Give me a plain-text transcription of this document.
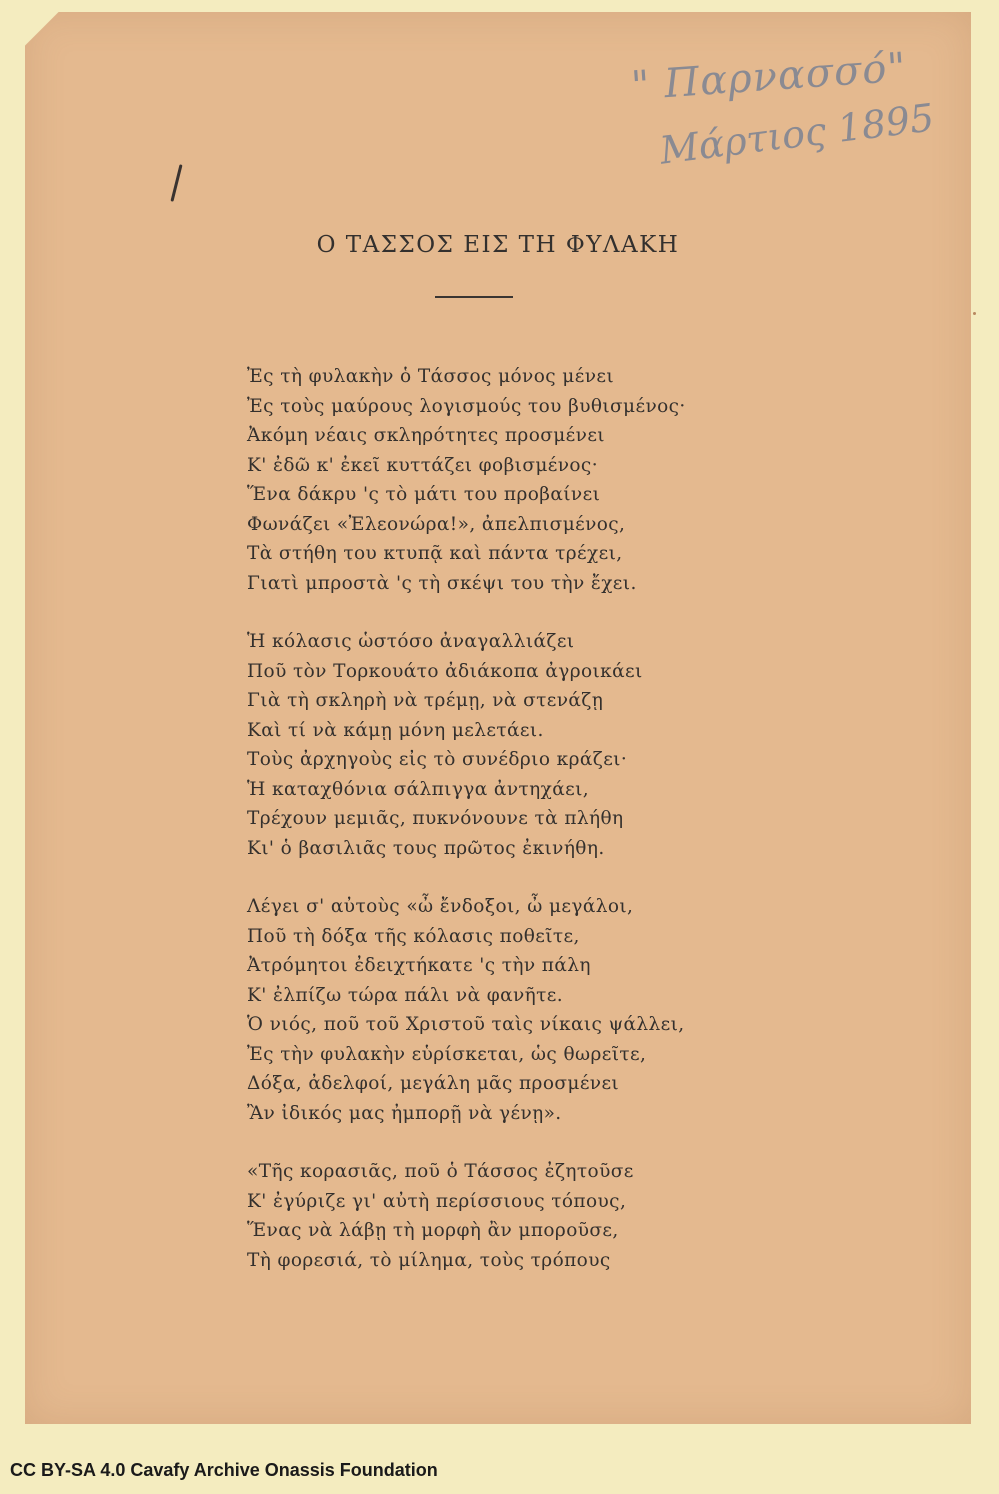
" Παρνασσό"
Μάρτιος 1895
Ο ΤΑΣΣΟΣ ΕΙΣ ΤΗ ΦΥΛΑΚΗ
Ἐς τὴ φυλακὴν ὁ Τάσσος μόνος μένει
Ἐς τοὺς μαύρους λογισμούς του βυθισμένος·
Ἀκόμη νέαις σκληρότητες προσμένει
Κ' ἐδῶ κ' ἐκεῖ κυττάζει φοβισμένος·
Ἕνα δάκρυ 'ς τὸ μάτι του προβαίνει
Φωνάζει «Ἐλεονώρα!», ἀπελπισμένος,
Τὰ στήθη του κτυπᾷ καὶ πάντα τρέχει,
Γιατὶ μπροστὰ 'ς τὴ σκέψι του τὴν ἔχει.
Ἡ κόλασις ὡστόσο ἀναγαλλιάζει
Ποῦ τὸν Τορκουάτο ἀδιάκοπα ἀγροικάει
Γιὰ τὴ σκληρὴ νὰ τρέμῃ, νὰ στενάζῃ
Καὶ τί νὰ κάμῃ μόνη μελετάει.
Τοὺς ἀρχηγοὺς εἰς τὸ συνέδριο κράζει·
Ἡ καταχθόνια σάλπιγγα ἀντηχάει,
Τρέχουν μεμιᾶς, πυκνόνουνε τὰ πλήθη
Κι' ὁ βασιλιᾶς τους πρῶτος ἐκινήθη.
Λέγει σ' αὐτοὺς «ὦ ἔνδοξοι, ὦ μεγάλοι,
Ποῦ τὴ δόξα τῆς κόλασις ποθεῖτε,
Ἀτρόμητοι ἐδειχτήκατε 'ς τὴν πάλη
Κ' ἐλπίζω τώρα πάλι νὰ φανῆτε.
Ὁ νιός, ποῦ τοῦ Χριστοῦ ταὶς νίκαις ψάλλει,
Ἐς τὴν φυλακὴν εὑρίσκεται, ὡς θωρεῖτε,
Δόξα, ἀδελφοί, μεγάλη μᾶς προσμένει
Ἂν ἰδικός μας ἠμπορῇ νὰ γένῃ».
«Τῆς κορασιᾶς, ποῦ ὁ Τάσσος ἐζητοῦσε
Κ' ἐγύριζε γι' αὐτὴ περίσσιους τόπους,
Ἕνας νὰ λάβῃ τὴ μορφὴ ἂν μποροῦσε,
Τὴ φορεσιά, τὸ μίλημα, τοὺς τρόπους
CC BY-SA 4.0 Cavafy Archive Onassis Foundation
